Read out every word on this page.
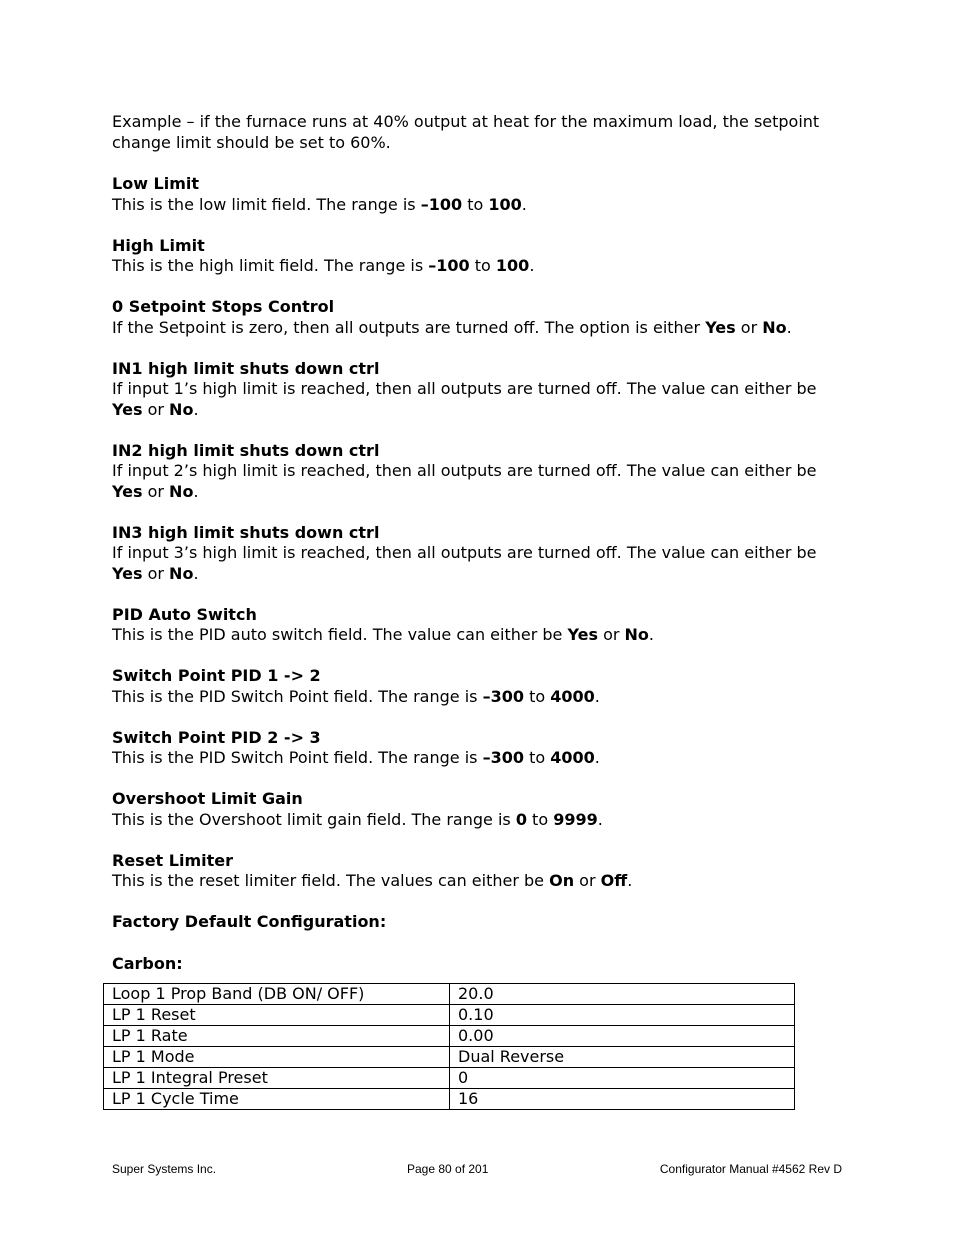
Example – if the furnace runs at 40% output at heat for the maximum load, the setpoint
change limit should be set to 60%.

Low Limit

This is the low limit field. The range is –100 to 100.

High Limit

This is the high limit field. The range is –100 to 100.

0 Setpoint Stops Control

If the Setpoint is zero, then all outputs are turned off. The option is either Yes or No.

IN1 high limit shuts down ctrl

If input 1’s high limit is reached, then all outputs are turned off. The value can either be Yes or No.

IN2 high limit shuts down ctrl

If input 2’s high limit is reached, then all outputs are turned off. The value can either be Yes or No.

IN3 high limit shuts down ctrl

If input 3’s high limit is reached, then all outputs are turned off. The value can either be Yes or No.

PID Auto Switch

This is the PID auto switch field. The value can either be Yes or No.

Switch Point PID 1 -> 2

This is the PID Switch Point field. The range is –300 to 4000.

Switch Point PID 2 -> 3

This is the PID Switch Point field. The range is –300 to 4000.

Overshoot Limit Gain

This is the Overshoot limit gain field. The range is 0 to 9999.

Reset Limiter

This is the reset limiter field. The values can either be On or Off.

Factory Default Configuration:

Carbon:

Loop 1 Prop Band (DB ON/ OFF)	20.0
LP 1 Reset	0.10
LP 1 Rate	0.00
LP 1 Mode	Dual Reverse
LP 1 Integral Preset	0
LP 1 Cycle Time	16
Super Systems Inc.	Page 80 of 201	Configurator Manual #4562 Rev D
